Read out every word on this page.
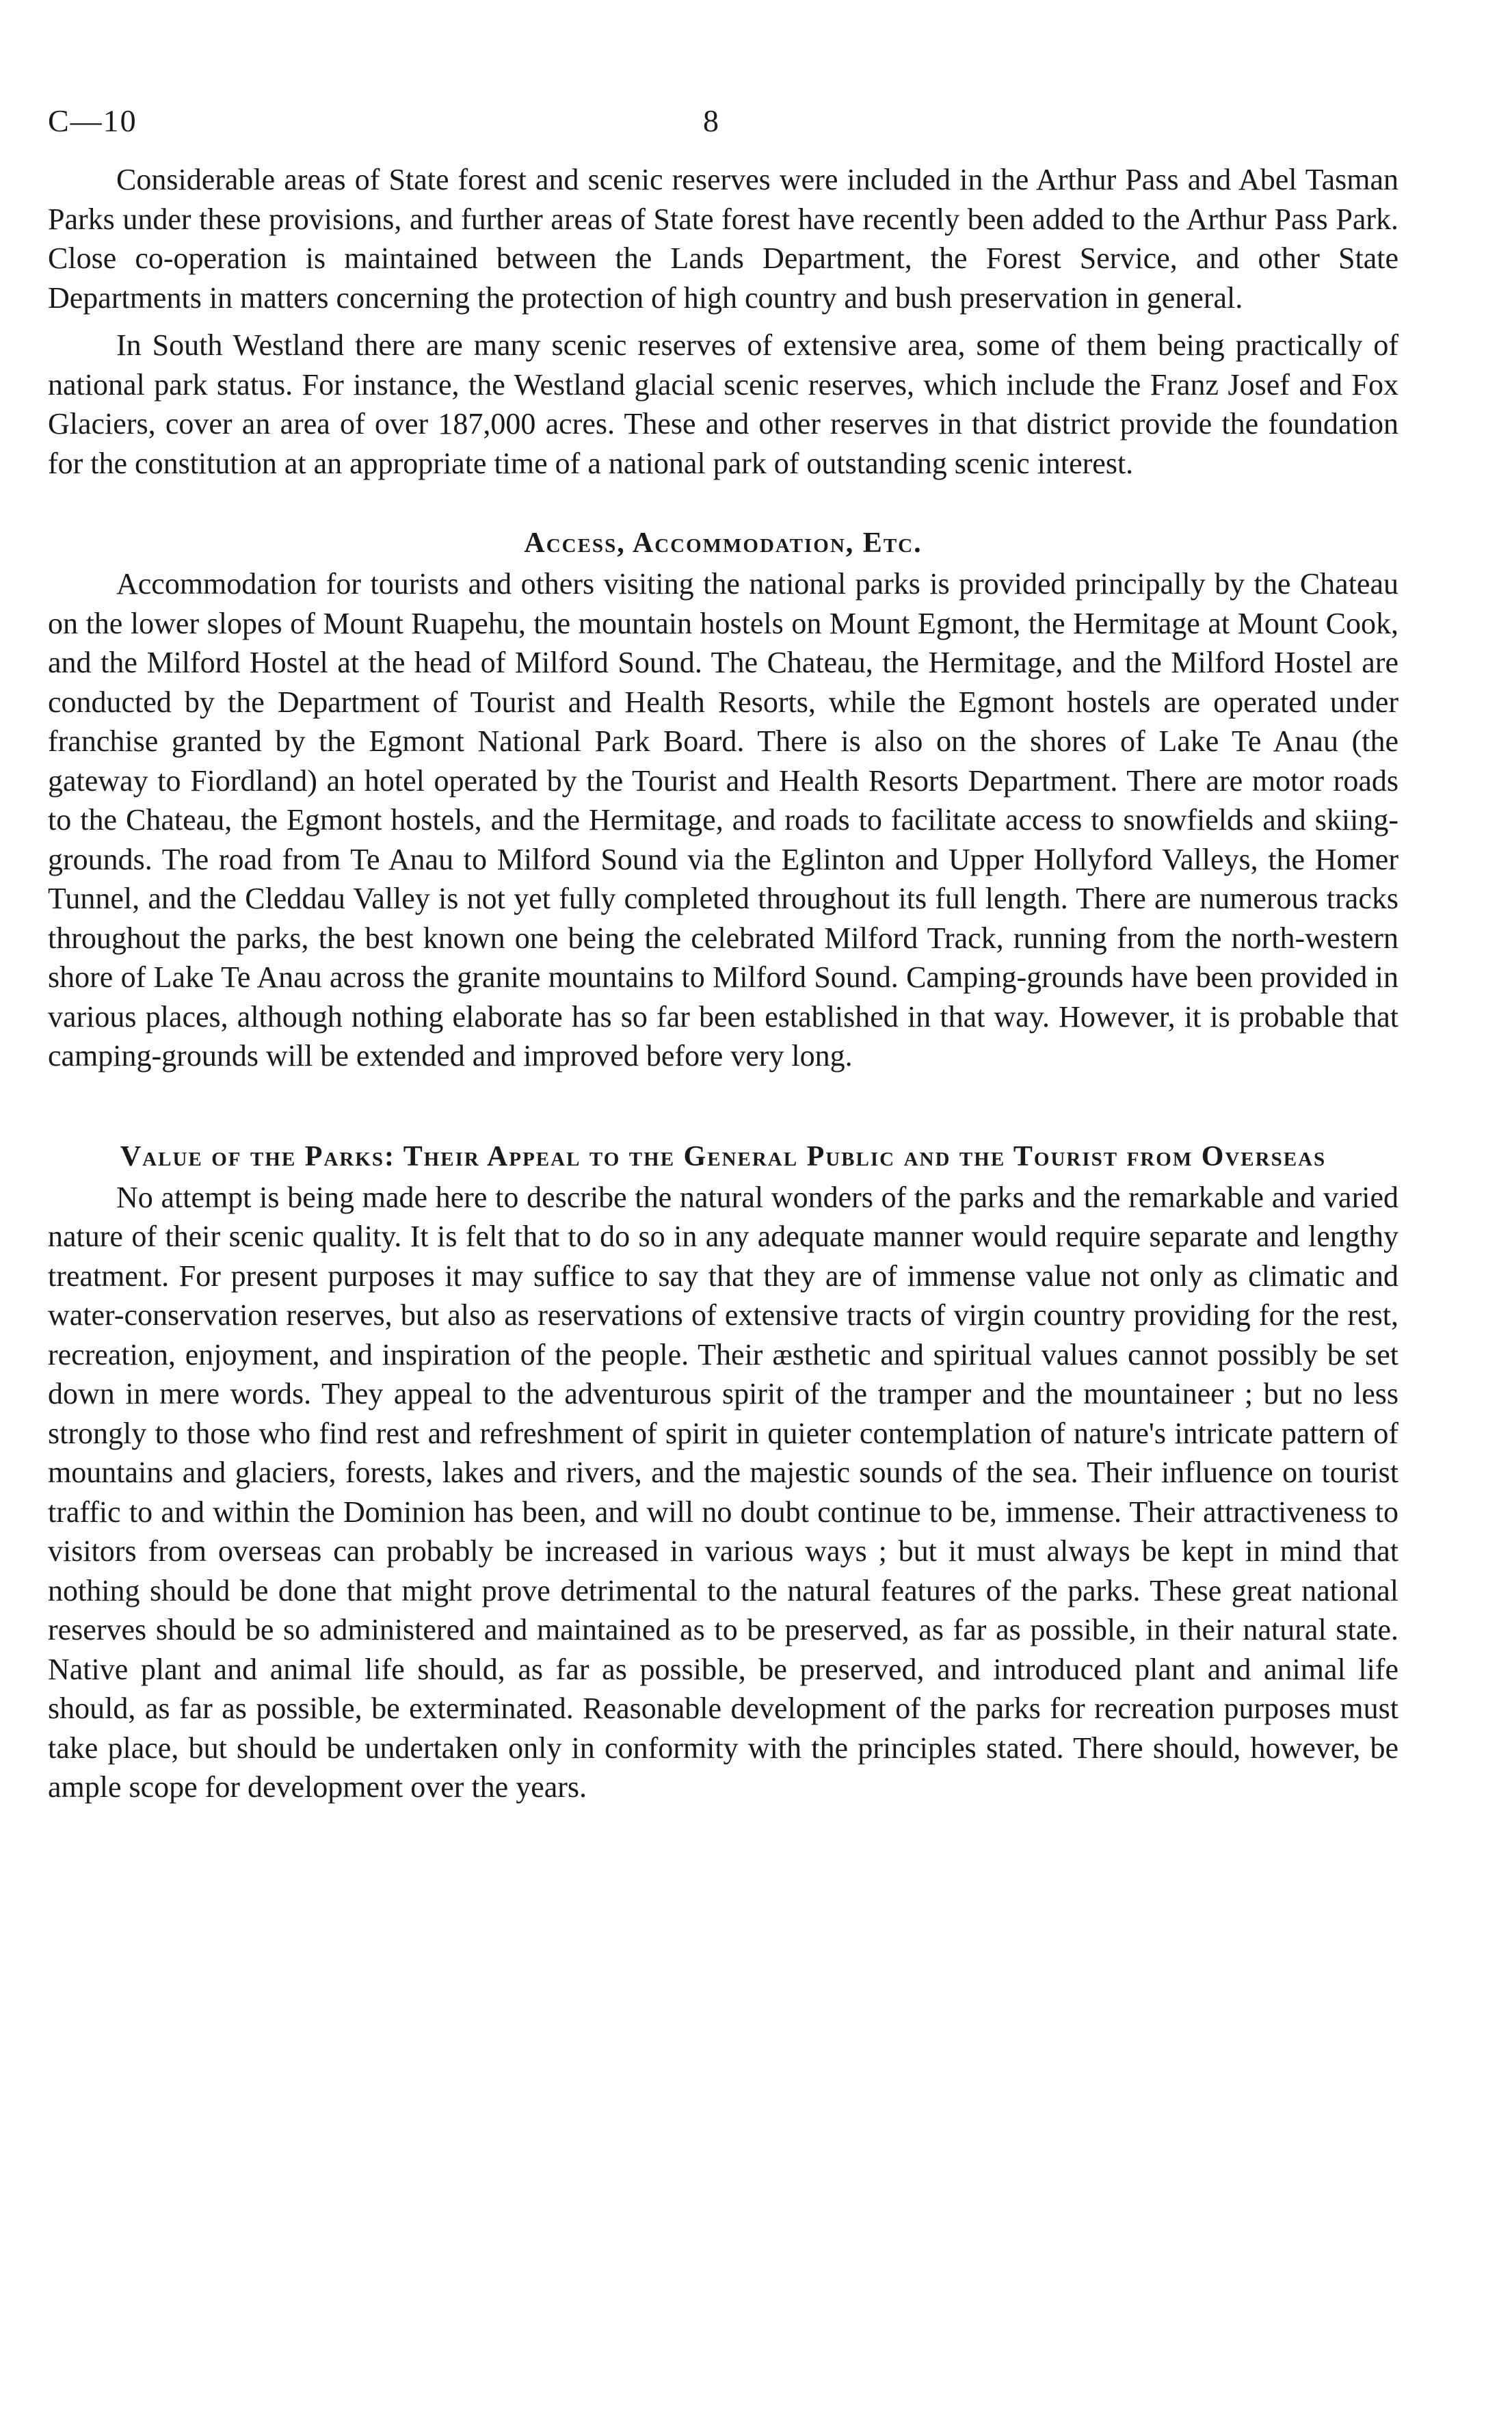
C—10	8

Considerable areas of State forest and scenic reserves were included in the Arthur Pass and Abel Tasman Parks under these provisions, and further areas of State forest have recently been added to the Arthur Pass Park. Close co-operation is maintained between the Lands Department, the Forest Service, and other State Departments in matters concerning the protection of high country and bush preservation in general.

In South Westland there are many scenic reserves of extensive area, some of them being practically of national park status. For instance, the Westland glacial scenic reserves, which include the Franz Josef and Fox Glaciers, cover an area of over 187,000 acres. These and other reserves in that district provide the foundation for the constitution at an appropriate time of a national park of outstanding scenic interest.

Access, Accommodation, Etc.

Accommodation for tourists and others visiting the national parks is provided principally by the Chateau on the lower slopes of Mount Ruapehu, the mountain hostels on Mount Egmont, the Hermitage at Mount Cook, and the Milford Hostel at the head of Milford Sound. The Chateau, the Hermitage, and the Milford Hostel are conducted by the Department of Tourist and Health Resorts, while the Egmont hostels are operated under franchise granted by the Egmont National Park Board. There is also on the shores of Lake Te Anau (the gateway to Fiordland) an hotel operated by the Tourist and Health Resorts Department. There are motor roads to the Chateau, the Egmont hostels, and the Hermitage, and roads to facilitate access to snowfields and skiing-grounds. The road from Te Anau to Milford Sound via the Eglinton and Upper Hollyford Valleys, the Homer Tunnel, and the Cleddau Valley is not yet fully completed throughout its full length. There are numerous tracks throughout the parks, the best known one being the celebrated Milford Track, running from the north-western shore of Lake Te Anau across the granite mountains to Milford Sound. Camping-grounds have been provided in various places, although nothing elaborate has so far been established in that way. However, it is probable that camping-grounds will be extended and improved before very long.

Value of the Parks: Their Appeal to the General Public and the Tourist from Overseas

No attempt is being made here to describe the natural wonders of the parks and the remarkable and varied nature of their scenic quality. It is felt that to do so in any adequate manner would require separate and lengthy treatment. For present purposes it may suffice to say that they are of immense value not only as climatic and water-conservation reserves, but also as reservations of extensive tracts of virgin country providing for the rest, recreation, enjoyment, and inspiration of the people. Their æsthetic and spiritual values cannot possibly be set down in mere words. They appeal to the adventurous spirit of the tramper and the mountaineer ; but no less strongly to those who find rest and refreshment of spirit in quieter contemplation of nature's intricate pattern of mountains and glaciers, forests, lakes and rivers, and the majestic sounds of the sea. Their influence on tourist traffic to and within the Dominion has been, and will no doubt continue to be, immense. Their attractiveness to visitors from overseas can probably be increased in various ways ; but it must always be kept in mind that nothing should be done that might prove detrimental to the natural features of the parks. These great national reserves should be so administered and maintained as to be preserved, as far as possible, in their natural state. Native plant and animal life should, as far as possible, be preserved, and introduced plant and animal life should, as far as possible, be exterminated. Reasonable development of the parks for recreation purposes must take place, but should be undertaken only in conformity with the principles stated. There should, however, be ample scope for development over the years.
